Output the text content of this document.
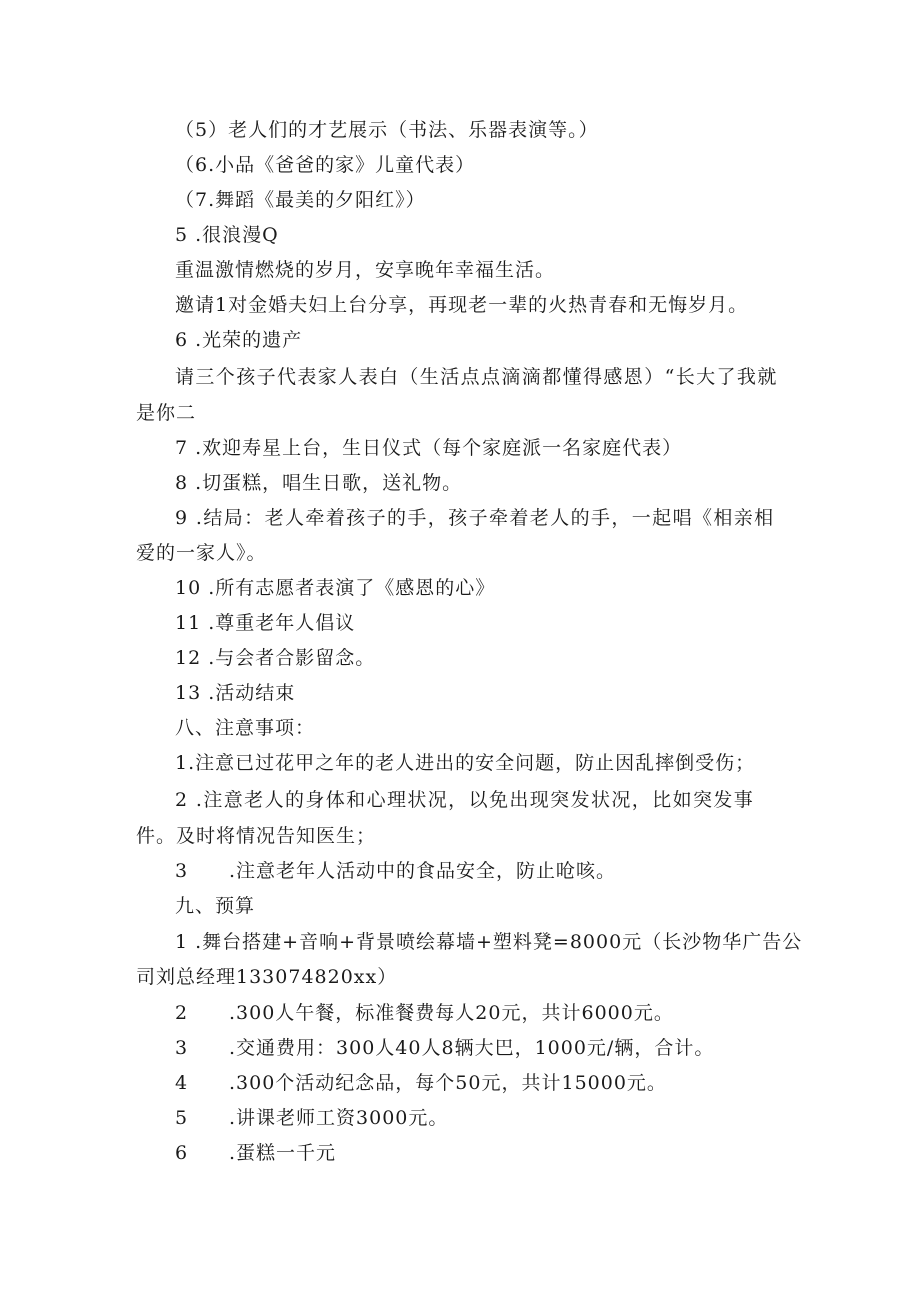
（5）老人们的才艺展示（书法、乐器表演等。）
（6.小品《爸爸的家》儿童代表）
（7.舞蹈《最美的夕阳红》）
5 .很浪漫Q
重温激情燃烧的岁月，安享晚年幸福生活。
邀请1对金婚夫妇上台分享，再现老一辈的火热青春和无悔岁月。
6 .光荣的遗产
请三个孩子代表家人表白（生活点点滴滴都懂得感恩）“长大了我就
是你二
7 .欢迎寿星上台，生日仪式（每个家庭派一名家庭代表）
8 .切蛋糕，唱生日歌，送礼物。
9 .结局：老人牵着孩子的手，孩子牵着老人的手，一起唱《相亲相
爱的一家人》。
10 .所有志愿者表演了《感恩的心》
11 .尊重老年人倡议
12 .与会者合影留念。
13 .活动结束
八、注意事项：
1.注意已过花甲之年的老人进出的安全问题，防止因乱摔倒受伤；
2 .注意老人的身体和心理状况，以免出现突发状况，比如突发事
件。及时将情况告知医生；
3 .注意老年人活动中的食品安全，防止呛咳。
九、预算
1 .舞台搭建+音响+背景喷绘幕墙+塑料凳=8000元（长沙物华广告公
司刘总经理133074820xx）
2 .300人午餐，标准餐费每人20元，共计6000元。
3 .交通费用：300人40人8辆大巴，1000元/辆，合计。
4 .300个活动纪念品，每个50元，共计15000元。
5 .讲课老师工资3000元。
6 .蛋糕一千元
